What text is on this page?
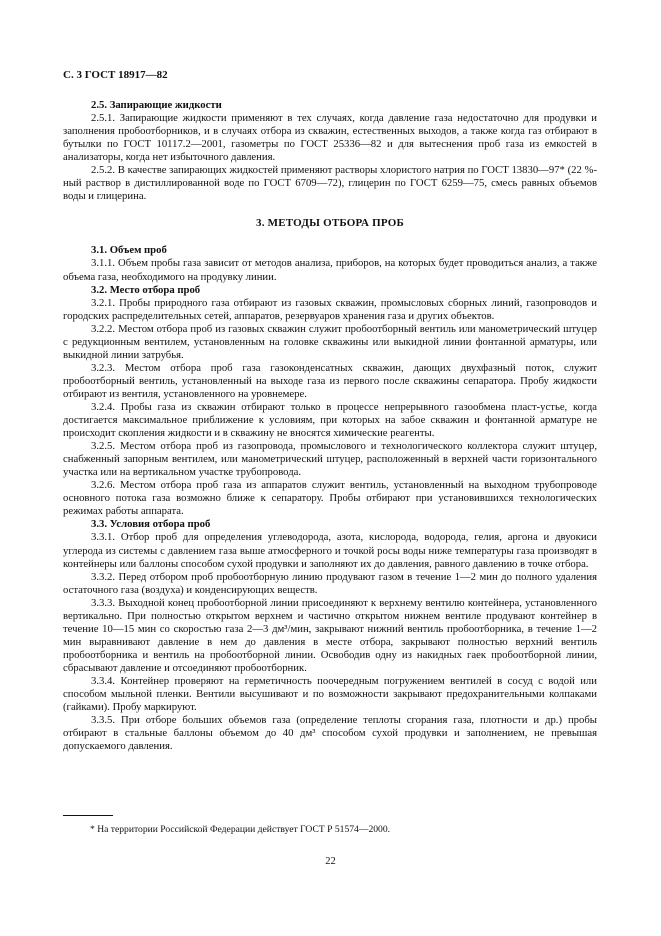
С. 3 ГОСТ 18917—82

2.5. Запирающие жидкости

2.5.1. Запирающие жидкости применяют в тех случаях, когда давление газа недостаточно для продувки и заполнения пробоотборников, и в случаях отбора из скважин, естественных выходов, а также когда газ отбирают в бутылки по ГОСТ 10117.2—2001, газометры по ГОСТ 25336—82 и для вытеснения проб газа из емкостей в анализаторы, когда нет избыточного давления.

2.5.2. В качестве запирающих жидкостей применяют растворы хлористого натрия по ГОСТ 13830—97* (22 %-ный раствор в дистиллированной воде по ГОСТ 6709—72), глицерин по ГОСТ 6259—75, смесь равных объемов воды и глицерина.

3. МЕТОДЫ ОТБОРА ПРОБ

3.1. Объем проб

3.1.1. Объем пробы газа зависит от методов анализа, приборов, на которых будет проводиться анализ, а также объема газа, необходимого на продувку линии.

3.2. Место отбора проб

3.2.1. Пробы природного газа отбирают из газовых скважин, промысловых сборных линий, газопроводов и городских распределительных сетей, аппаратов, резервуаров хранения газа и других объектов.

3.2.2. Местом отбора проб из газовых скважин служит пробоотборный вентиль или манометрический штуцер с редукционным вентилем, установленным на головке скважины или выкидной линии фонтанной арматуры, или выкидной линии затрубья.

3.2.3. Местом отбора проб газа газоконденсатных скважин, дающих двухфазный поток, служит пробоотборный вентиль, установленный на выходе газа из первого после скважины сепаратора. Пробу жидкости отбирают из вентиля, установленного на уровнемере.

3.2.4. Пробы газа из скважин отбирают только в процессе непрерывного газообмена пласт-устье, когда достигается максимальное приближение к условиям, при которых на забое скважин и фонтанной арматуре не происходит скопления жидкости и в скважину не вносятся химические реагенты.

3.2.5. Местом отбора проб из газопровода, промыслового и технологического коллектора служит штуцер, снабженный запорным вентилем, или манометрический штуцер, расположенный в верхней части горизонтального участка или на вертикальном участке трубопровода.

3.2.6. Местом отбора проб газа из аппаратов служит вентиль, установленный на выходном трубопроводе основного потока газа возможно ближе к сепаратору. Пробы отбирают при установившихся технологических режимах работы аппарата.

3.3. Условия отбора проб

3.3.1. Отбор проб для определения углеводорода, азота, кислорода, водорода, гелия, аргона и двуокиси углерода из системы с давлением газа выше атмосферного и точкой росы воды ниже температуры газа производят в контейнеры или баллоны способом сухой продувки и заполняют их до давления, равного давлению в точке отбора.

3.3.2. Перед отбором проб пробоотборную линию продувают газом в течение 1—2 мин до полного удаления остаточного газа (воздуха) и конденсирующих веществ.

3.3.3. Выходной конец пробоотборной линии присоединяют к верхнему вентилю контейнера, установленного вертикально. При полностью открытом верхнем и частично открытом нижнем вентиле продувают контейнер в течение 10—15 мин со скоростью газа 2—3 дм³/мин, закрывают нижний вентиль пробоотборника, в течение 1—2 мин выравнивают давление в нем до давления в месте отбора, закрывают полностью верхний вентиль пробоотборника и вентиль на пробоотборной линии. Освободив одну из накидных гаек пробоотборной линии, сбрасывают давление и отсоединяют пробоотборник.

3.3.4. Контейнер проверяют на герметичность поочередным погружением вентилей в сосуд с водой или способом мыльной пленки. Вентили высушивают и по возможности закрывают предохранительными колпаками (гайками). Пробу маркируют.

3.3.5. При отборе больших объемов газа (определение теплоты сгорания газа, плотности и др.) пробы отбирают в стальные баллоны объемом до 40 дм³ способом сухой продувки и заполнением, не превышая допускаемого давления.

* На территории Российской Федерации действует ГОСТ Р 51574—2000.
22
